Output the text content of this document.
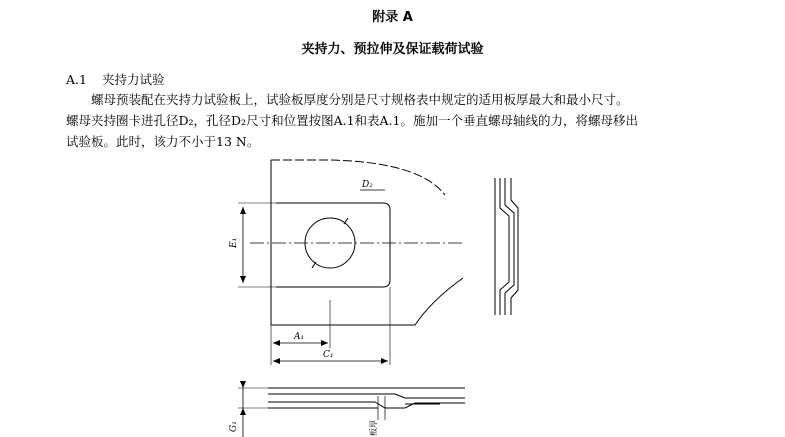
附录 A
夹持力、预拉伸及保证载荷试验
A.1 夹持力试验

螺母预装配在夹持力试验板上，试验板厚度分别是尺寸规格表中规定的适用板厚最大和最小尺寸。
螺母夹持圈卡进孔径D₂，孔径D₂尺寸和位置按图A.1和表A.1。施加一个垂直螺母轴线的力，将螺母移出
试验板。此时，该力不小于13 N。

D₂
E₁
A₁
C₁
G₁	板厚
